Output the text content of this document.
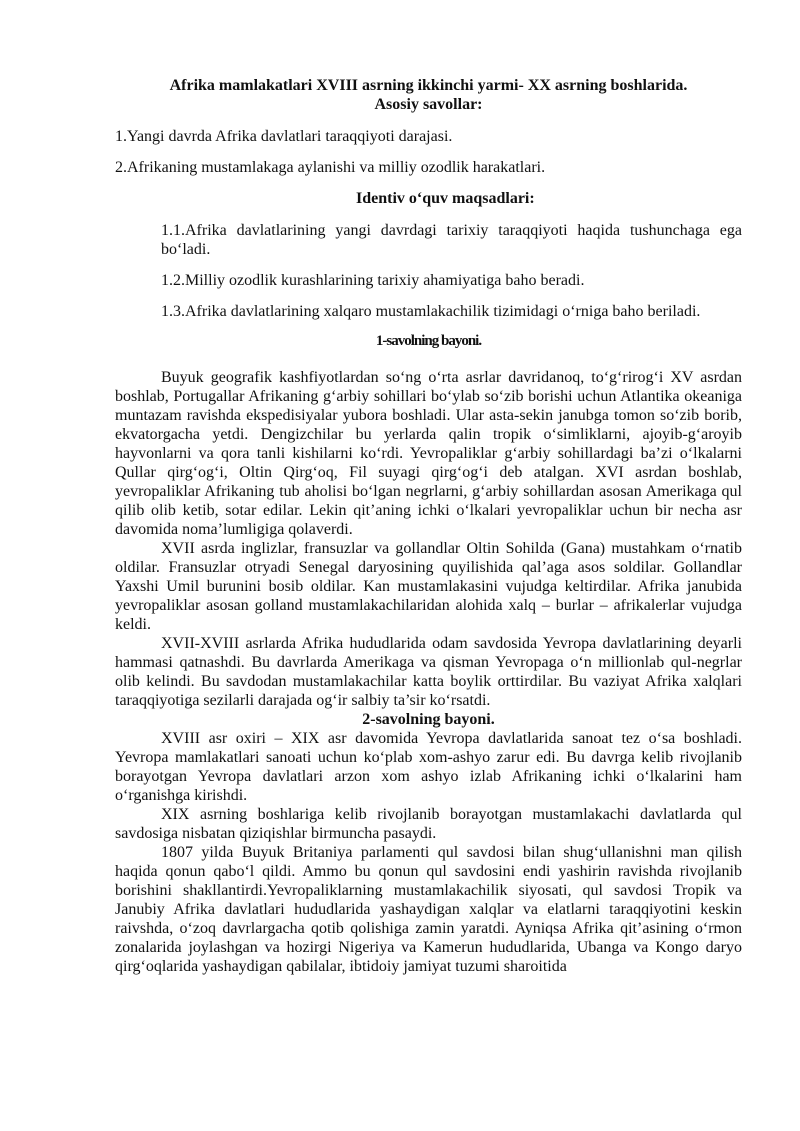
Afrika mamlakatlari XVIII asrning ikkinchi yarmi- XX asrning boshlarida.

Asosiy savollar:

1.Yangi davrda Afrika davlatlari taraqqiyoti darajasi.

2.Afrikaning mustamlakaga aylanishi va milliy ozodlik harakatlari.

Identiv o‘quv maqsadlari:

1.1.Afrika davlatlarining yangi davrdagi tarixiy taraqqiyoti haqida tushunchaga ega bo‘ladi.

1.2.Milliy ozodlik kurashlarining tarixiy ahamiyatiga baho beradi.

1.3.Afrika davlatlarining xalqaro mustamlakachilik tizimidagi o‘rniga baho beriladi.

1-savolning bayoni.

Buyuk geografik kashfiyotlardan so‘ng o‘rta asrlar davridanoq, to‘g‘rirog‘i XV asrdan boshlab, Portugallar Afrikaning g‘arbiy sohillari bo‘ylab so‘zib borishi uchun Atlantika okeaniga muntazam ravishda ekspedisiyalar yubora boshladi. Ular asta-sekin janubga tomon so‘zib borib, ekvatorgacha yetdi. Dengizchilar bu yerlarda qalin tropik o‘simliklarni, ajoyib-g‘aroyib hayvonlarni va qora tanli kishilarni ko‘rdi. Yevropaliklar g‘arbiy sohillardagi ba’zi o‘lkalarni Qullar qirg‘og‘i, Oltin Qirg‘oq, Fil suyagi qirg‘og‘i deb atalgan. XVI asrdan boshlab, yevropaliklar Afrikaning tub aholisi bo‘lgan negrlarni, g‘arbiy sohillardan asosan Amerikaga qul qilib olib ketib, sotar edilar. Lekin qit’aning ichki o‘lkalari yevropaliklar uchun bir necha asr davomida noma’lumligiga qolaverdi.

XVII asrda inglizlar, fransuzlar va gollandlar Oltin Sohilda (Gana) mustahkam o‘rnatib oldilar. Fransuzlar otryadi Senegal daryosining quyilishida qal’aga asos soldilar. Gollandlar Yaxshi Umil burunini bosib oldilar. Kan mustamlakasini vujudga keltirdilar. Afrika janubida yevropaliklar asosan golland mustamlakachilaridan alohida xalq – burlar – afrikalerlar vujudga keldi.

XVII-XVIII asrlarda Afrika hududlarida odam savdosida Yevropa davlatlarining deyarli hammasi qatnashdi. Bu davrlarda Amerikaga va qisman Yevropaga o‘n millionlab qul-negrlar olib kelindi. Bu savdodan mustamlakachilar katta boylik orttirdilar. Bu vaziyat Afrika xalqlari taraqqiyotiga sezilarli darajada og‘ir salbiy ta’sir ko‘rsatdi.

2-savolning bayoni.

XVIII asr oxiri – XIX asr davomida Yevropa davlatlarida sanoat tez o‘sa boshladi. Yevropa mamlakatlari sanoati uchun ko‘plab xom-ashyo zarur edi. Bu davrga kelib rivojlanib borayotgan Yevropa davlatlari arzon xom ashyo izlab Afrikaning ichki o‘lkalarini ham o‘rganishga kirishdi.

XIX asrning boshlariga kelib rivojlanib borayotgan mustamlakachi davlatlarda qul savdosiga nisbatan qiziqishlar birmuncha pasaydi.

1807 yilda Buyuk Britaniya parlamenti qul savdosi bilan shug‘ullanishni man qilish haqida qonun qabo‘l qildi. Ammo bu qonun qul savdosini endi yashirin ravishda rivojlanib borishini shakllantirdi.Yevropaliklarning mustamlakachilik siyosati, qul savdosi Tropik va Janubiy Afrika davlatlari hududlarida yashaydigan xalqlar va elatlarni taraqqiyotini keskin raivshda, o‘zoq davrlargacha qotib qolishiga zamin yaratdi. Ayniqsa Afrika qit’asining o‘rmon zonalarida joylashgan va hozirgi Nigeriya va Kamerun hududlarida, Ubanga va Kongo daryo qirg‘oqlarida yashaydigan qabilalar, ibtidoiy jamiyat tuzumi sharoitida
